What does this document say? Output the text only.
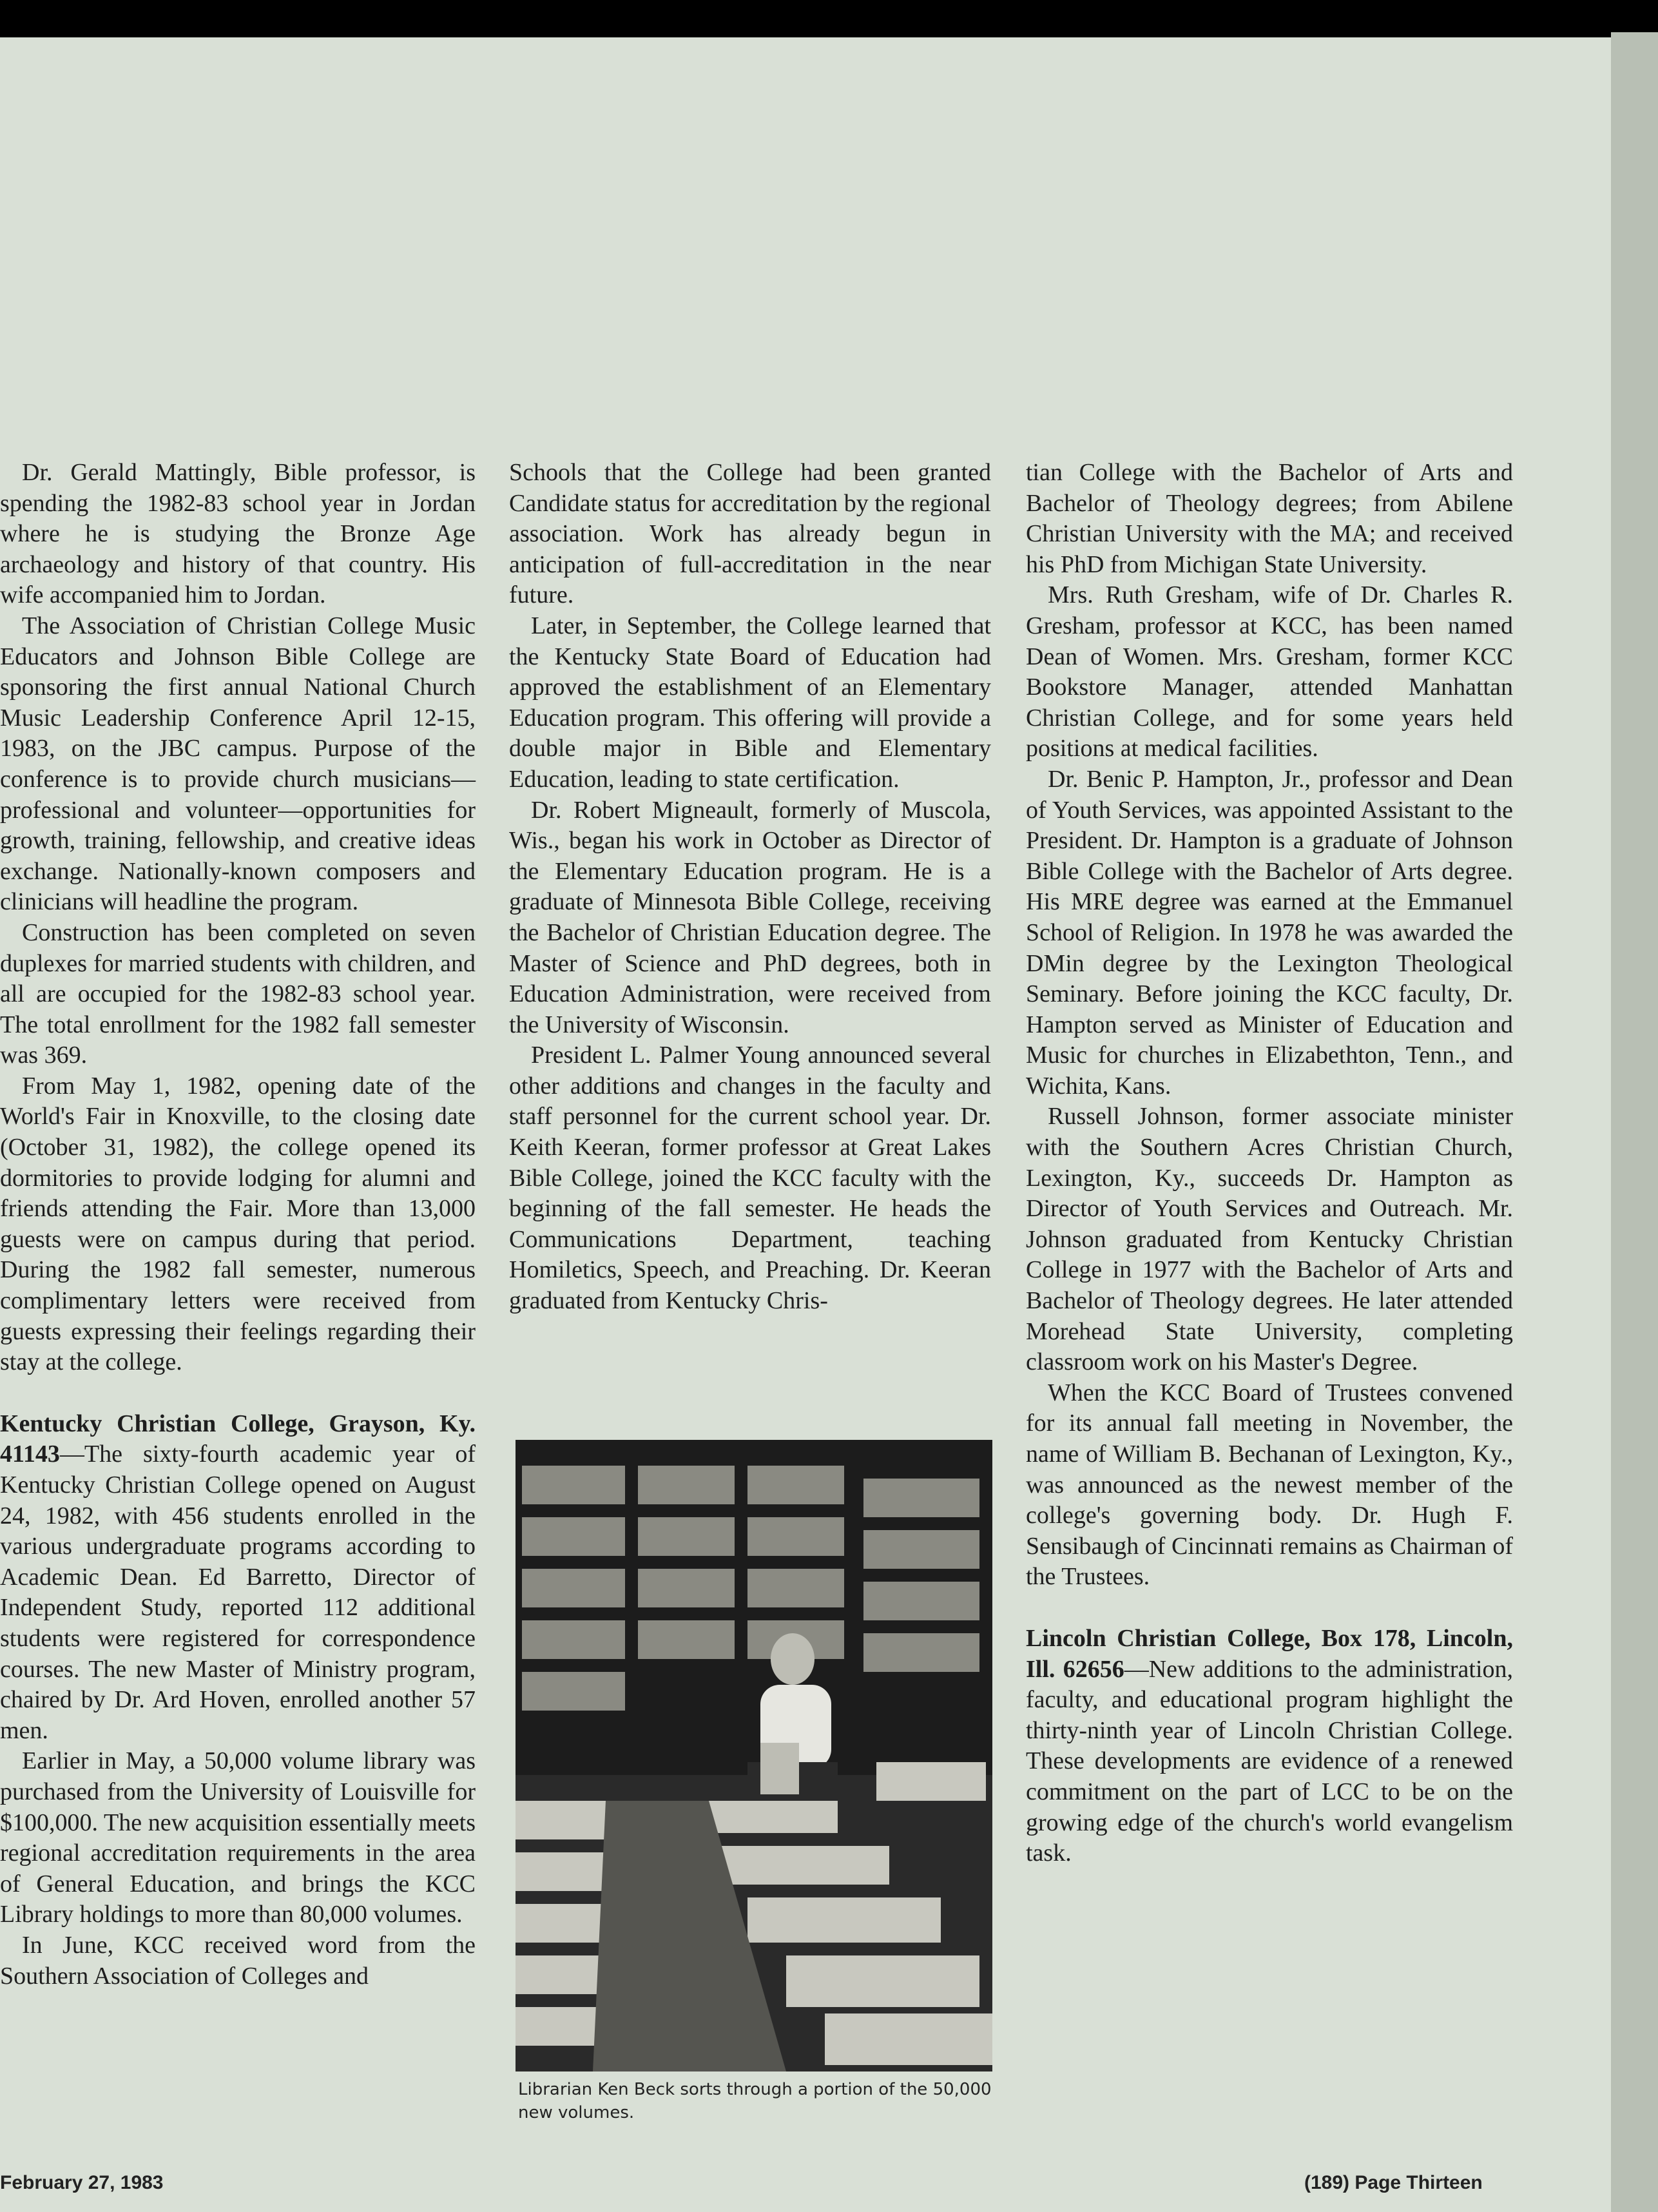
Dr. Gerald Mattingly, Bible professor, is spending the 1982-83 school year in Jordan where he is studying the Bronze Age archaeology and history of that country. His wife accompanied him to Jordan.

The Association of Christian College Music Educators and Johnson Bible College are sponsoring the first annual National Church Music Leadership Conference April 12-15, 1983, on the JBC campus. Purpose of the conference is to provide church musicians—professional and volunteer—opportunities for growth, training, fellowship, and creative ideas exchange. Nationally-known composers and clinicians will headline the program.

Construction has been completed on seven duplexes for married students with children, and all are occupied for the 1982-83 school year. The total enrollment for the 1982 fall semester was 369.

From May 1, 1982, opening date of the World's Fair in Knoxville, to the closing date (October 31, 1982), the college opened its dormitories to provide lodging for alumni and friends attending the Fair. More than 13,000 guests were on campus during that period. During the 1982 fall semester, numerous complimentary letters were received from guests expressing their feelings regarding their stay at the college.

Kentucky Christian College, Grayson, Ky. 41143—The sixty-fourth academic year of Kentucky Christian College opened on August 24, 1982, with 456 students enrolled in the various undergraduate programs according to Academic Dean. Ed Barretto, Director of Independent Study, reported 112 additional students were registered for correspondence courses. The new Master of Ministry program, chaired by Dr. Ard Hoven, enrolled another 57 men.

Earlier in May, a 50,000 volume library was purchased from the University of Louisville for $100,000. The new acquisition essentially meets regional accreditation requirements in the area of General Education, and brings the KCC Library holdings to more than 80,000 volumes.

In June, KCC received word from the Southern Association of Colleges and

Schools that the College had been granted Candidate status for accreditation by the regional association. Work has already begun in anticipation of full-accreditation in the near future.

Later, in September, the College learned that the Kentucky State Board of Education had approved the establishment of an Elementary Education program. This offering will provide a double major in Bible and Elementary Education, leading to state certification.

Dr. Robert Migneault, formerly of Muscola, Wis., began his work in October as Director of the Elementary Education program. He is a graduate of Minnesota Bible College, receiving the Bachelor of Christian Education degree. The Master of Science and PhD degrees, both in Education Administration, were received from the University of Wisconsin.

President L. Palmer Young announced several other additions and changes in the faculty and staff personnel for the current school year. Dr. Keith Keeran, former professor at Great Lakes Bible College, joined the KCC faculty with the beginning of the fall semester. He heads the Communications Department, teaching Homiletics, Speech, and Preaching. Dr. Keeran graduated from Kentucky Chris-

Librarian Ken Beck sorts through a portion of the 50,000 new volumes.

tian College with the Bachelor of Arts and Bachelor of Theology degrees; from Abilene Christian University with the MA; and received his PhD from Michigan State University.

Mrs. Ruth Gresham, wife of Dr. Charles R. Gresham, professor at KCC, has been named Dean of Women. Mrs. Gresham, former KCC Bookstore Manager, attended Manhattan Christian College, and for some years held positions at medical facilities.

Dr. Benic P. Hampton, Jr., professor and Dean of Youth Services, was appointed Assistant to the President. Dr. Hampton is a graduate of Johnson Bible College with the Bachelor of Arts degree. His MRE degree was earned at the Emmanuel School of Religion. In 1978 he was awarded the DMin degree by the Lexington Theological Seminary. Before joining the KCC faculty, Dr. Hampton served as Minister of Education and Music for churches in Elizabethton, Tenn., and Wichita, Kans.

Russell Johnson, former associate minister with the Southern Acres Christian Church, Lexington, Ky., succeeds Dr. Hampton as Director of Youth Services and Outreach. Mr. Johnson graduated from Kentucky Christian College in 1977 with the Bachelor of Arts and Bachelor of Theology degrees. He later attended Morehead State University, completing classroom work on his Master's Degree.

When the KCC Board of Trustees convened for its annual fall meeting in November, the name of William B. Bechanan of Lexington, Ky., was announced as the newest member of the college's governing body. Dr. Hugh F. Sensibaugh of Cincinnati remains as Chairman of the Trustees.

Lincoln Christian College, Box 178, Lincoln, Ill. 62656—New additions to the administration, faculty, and educational program highlight the thirty-ninth year of Lincoln Christian College. These developments are evidence of a renewed commitment on the part of LCC to be on the growing edge of the church's world evangelism task.

February 27, 1983	(189) Page Thirteen
